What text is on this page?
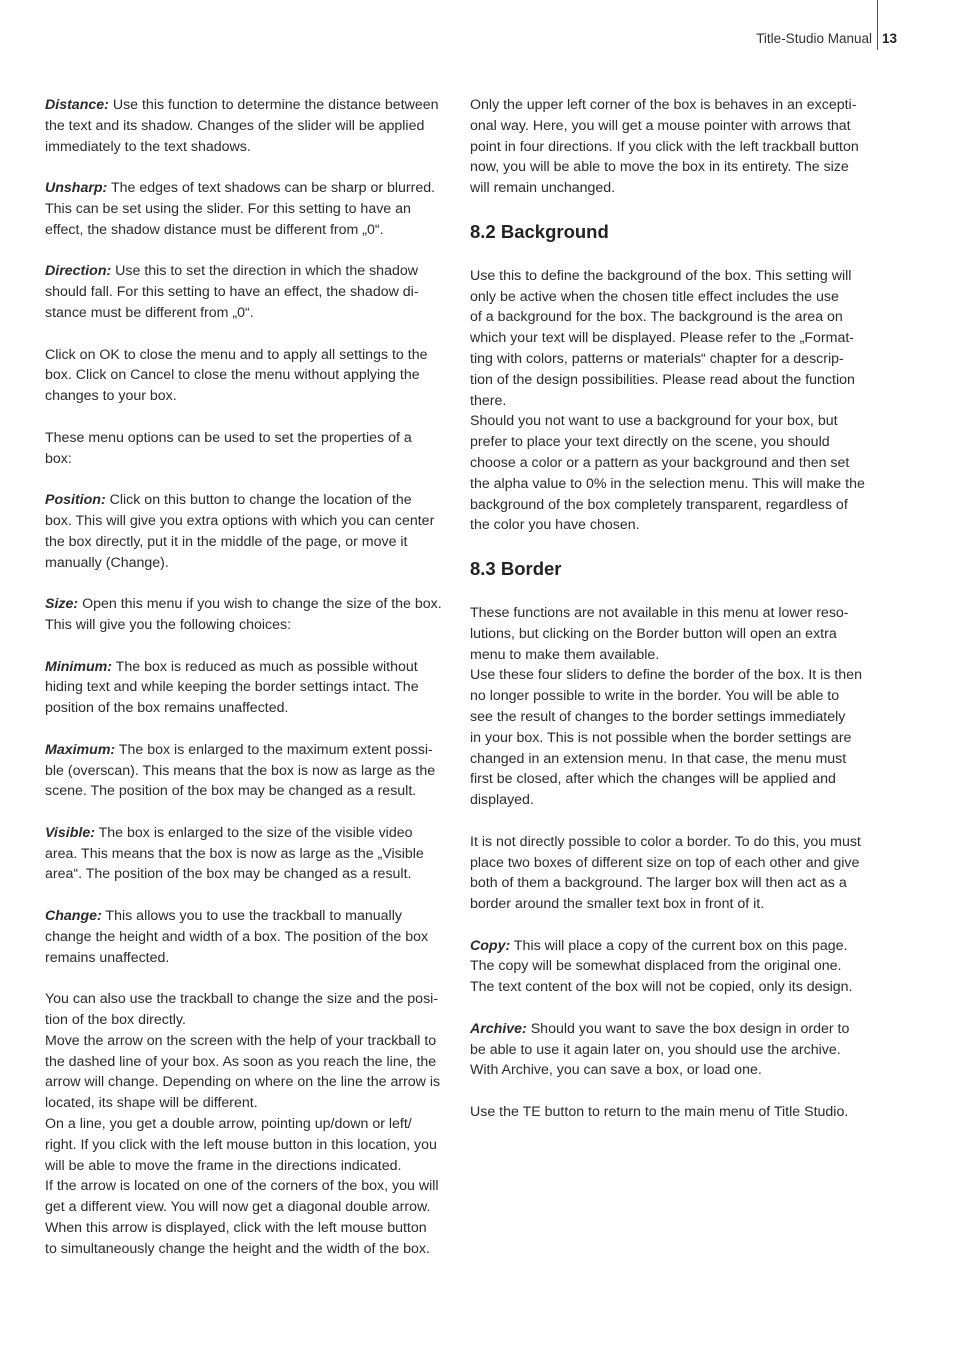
Title-Studio Manual 13

Distance: Use this function to determine the distance between
the text and its shadow. Changes of the slider will be applied
immediately to the text shadows.

Unsharp: The edges of text shadows can be sharp or blurred.
This can be set using the slider. For this setting to have an
effect, the shadow distance must be different from „0“.

Direction: Use this to set the direction in which the shadow
should fall. For this setting to have an effect, the shadow di-
stance must be different from „0“.

Click on OK to close the menu and to apply all settings to the
box. Click on Cancel to close the menu without applying the
changes to your box.

These menu options can be used to set the properties of a
box:

Position: Click on this button to change the location of the
box. This will give you extra options with which you can center
the box directly, put it in the middle of the page, or move it
manually (Change).

Size: Open this menu if you wish to change the size of the box.
This will give you the following choices:

Minimum: The box is reduced as much as possible without
hiding text and while keeping the border settings intact. The
position of the box remains unaffected.

Maximum: The box is enlarged to the maximum extent possi-
ble (overscan). This means that the box is now as large as the
scene. The position of the box may be changed as a result.

Visible: The box is enlarged to the size of the visible video
area. This means that the box is now as large as the „Visible
area“. The position of the box may be changed as a result.

Change: This allows you to use the trackball to manually
change the height and width of a box. The position of the box
remains unaffected.

You can also use the trackball to change the size and the posi-
tion of the box directly.
Move the arrow on the screen with the help of your trackball to
the dashed line of your box. As soon as you reach the line, the
arrow will change. Depending on where on the line the arrow is
located, its shape will be different.
On a line, you get a double arrow, pointing up/down or left/
right. If you click with the left mouse button in this location, you
will be able to move the frame in the directions indicated.
If the arrow is located on one of the corners of the box, you will
get a different view. You will now get a diagonal double arrow.
When this arrow is displayed, click with the left mouse button
to simultaneously change the height and the width of the box.

Only the upper left corner of the box is behaves in an excepti-
onal way. Here, you will get a mouse pointer with arrows that
point in four directions. If you click with the left trackball button
now, you will be able to move the box in its entirety. The size
will remain unchanged.

8.2 Background

Use this to define the background of the box. This setting will
only be active when the chosen title effect includes the use
of a background for the box. The background is the area on
which your text will be displayed. Please refer to the „Format-
ting with colors, patterns or materials“ chapter for a descrip-
tion of the design possibilities. Please read about the function
there.
Should you not want to use a background for your box, but
prefer to place your text directly on the scene, you should
choose a color or a pattern as your background and then set
the alpha value to 0% in the selection menu. This will make the
background of the box completely transparent, regardless of
the color you have chosen.

8.3 Border

These functions are not available in this menu at lower reso-
lutions, but clicking on the Border button will open an extra
menu to make them available.
Use these four sliders to define the border of the box. It is then
no longer possible to write in the border. You will be able to
see the result of changes to the border settings immediately
in your box. This is not possible when the border settings are
changed in an extension menu. In that case, the menu must
first be closed, after which the changes will be applied and
displayed.

It is not directly possible to color a border. To do this, you must
place two boxes of different size on top of each other and give
both of them a background. The larger box will then act as a
border around the smaller text box in front of it.

Copy: This will place a copy of the current box on this page.
The copy will be somewhat displaced from the original one.
The text content of the box will not be copied, only its design.

Archive: Should you want to save the box design in order to
be able to use it again later on, you should use the archive.
With Archive, you can save a box, or load one.

Use the TE button to return to the main menu of Title Studio.
